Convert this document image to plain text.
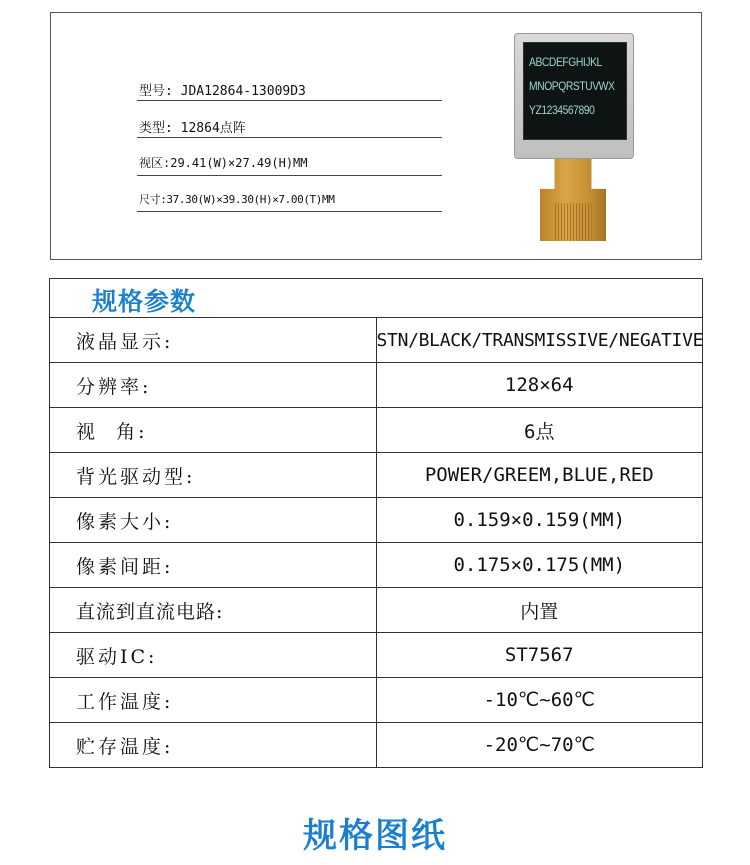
型号: JDA12864-13009D3
类型: 12864点阵
视区:29.41(W)×27.49(H)MM
尺寸:37.30(W)×39.30(H)×7.00(T)MM
ABCDEFGHIJKL
MNOPQRSTUVWX
YZ1234567890
规格参数	

液晶显示:	STN/BLACK/TRANSMISSIVE/NEGATIVE
分辨率:	128×64
视  角:	6点
背光驱动型:	POWER/GREEM,BLUE,RED
像素大小:	0.159×0.159(MM)
像素间距:	0.175×0.175(MM)
直流到直流电路:	内置
驱动IC:	ST7567
工作温度:	-10℃~60℃
贮存温度:	-20℃~70℃
规格图纸
